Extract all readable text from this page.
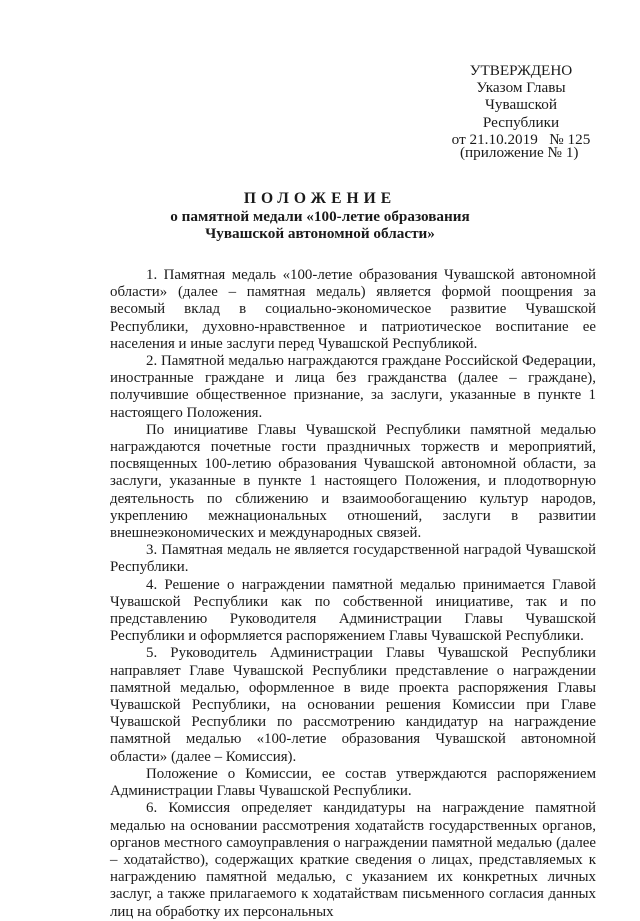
УТВЕРЖДЕНО
Указом Главы
Чувашской Республики
от 21.10.2019   № 125
(приложение № 1)
ПОЛОЖЕНИЕ
о памятной медали «100-летие образования
Чувашской автономной области»

1. Памятная медаль «100-летие образования Чувашской автономной области» (далее – памятная медаль) является формой поощрения за весомый вклад в социально-экономическое развитие Чувашской Республики, духовно-нравственное и патриотическое воспитание ее населения и иные заслуги перед Чувашской Республикой.

2. Памятной медалью награждаются граждане Российской Федерации, иностранные граждане и лица без гражданства (далее – граждане), получившие общественное признание, за заслуги, указанные в пункте 1 настоящего Положения.

По инициативе Главы Чувашской Республики памятной медалью награждаются почетные гости праздничных торжеств и мероприятий, посвященных 100-летию образования Чувашской автономной области, за заслуги, указанные в пункте 1 настоящего Положения, и плодотворную деятельность по сближению и взаимообогащению культур народов, укреплению межнациональных отношений, заслуги в развитии внешнеэкономических и международных связей.

3. Памятная медаль не является государственной наградой Чувашской Республики.

4. Решение о награждении памятной медалью принимается Главой Чувашской Республики как по собственной инициативе, так и по представлению Руководителя Администрации Главы Чувашской Республики и оформляется распоряжением Главы Чувашской Республики.

5. Руководитель Администрации Главы Чувашской Республики направляет Главе Чувашской Республики представление о награждении памятной медалью, оформленное в виде проекта распоряжения Главы Чувашской Республики, на основании решения Комиссии при Главе Чувашской Республики по рассмотрению кандидатур на награждение памятной медалью «100-летие образования Чувашской автономной области» (далее – Комиссия).

Положение о Комиссии, ее состав утверждаются распоряжением Администрации Главы Чувашской Республики.

6. Комиссия определяет кандидатуры на награждение памятной медалью на основании рассмотрения ходатайств государственных органов, органов местного самоуправления о награждении памятной медалью (далее – ходатайство), содержащих краткие сведения о лицах, представляемых к награждению памятной медалью, с указанием их конкретных личных заслуг, а также прилагаемого к ходатайствам письменного согласия данных лиц на обработку их персональных
